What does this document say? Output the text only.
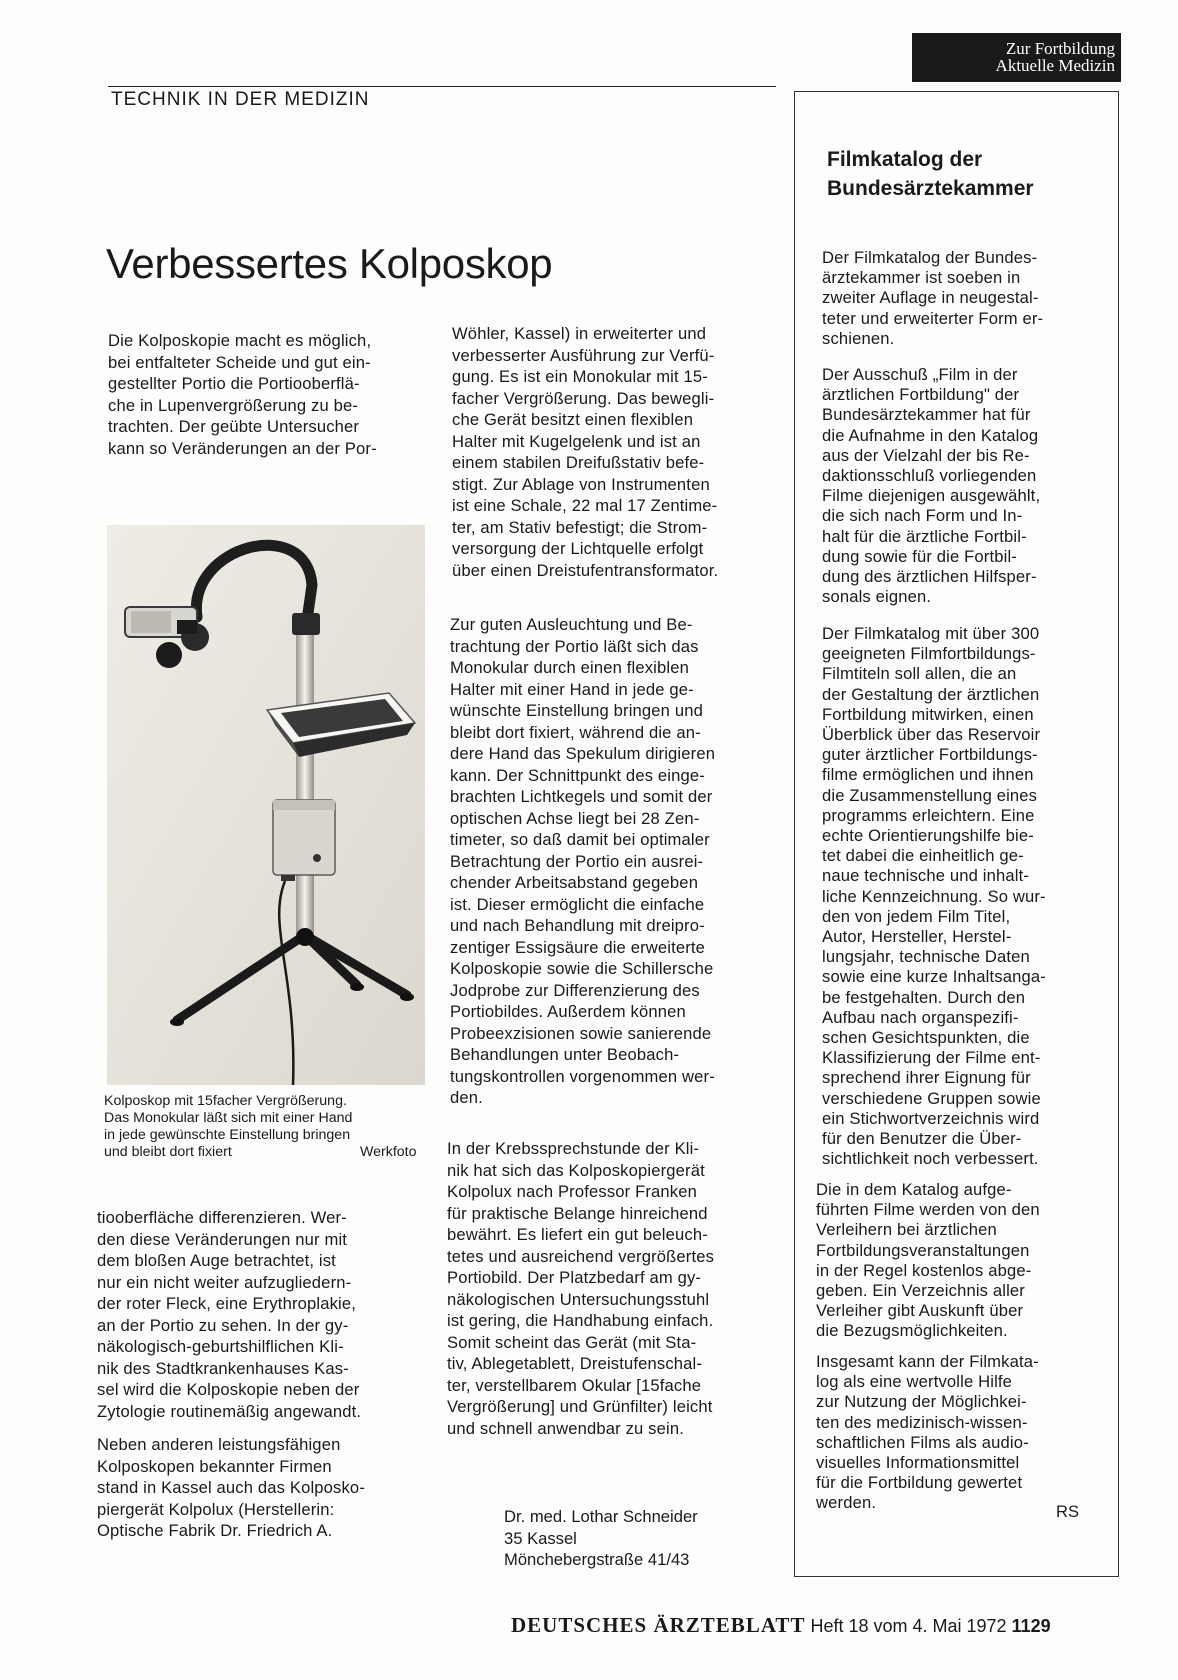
Zur Fortbildung
Aktuelle Medizin
TECHNIK IN DER MEDIZIN
Verbessertes Kolposkop

Die Kolposkopie macht es möglich,
bei entfalteter Scheide und gut ein-
gestellter Portio die Portiooberflä-
che in Lupenvergrößerung zu be-
trachten. Der geübte Untersucher
kann so Veränderungen an der Por-

Kolposkop mit 15facher Vergrößerung.
Das Monokular läßt sich mit einer Hand
in jede gewünschte Einstellung bringen
und bleibt dort fixiert	Werkfoto

tiooberfläche differenzieren. Wer-
den diese Veränderungen nur mit
dem bloßen Auge betrachtet, ist
nur ein nicht weiter aufzugliedern-
der roter Fleck, eine Erythroplakie,
an der Portio zu sehen. In der gy-
näkologisch-geburtshilflichen Kli-
nik des Stadtkrankenhauses Kas-
sel wird die Kolposkopie neben der
Zytologie routinemäßig angewandt.

Neben anderen leistungsfähigen
Kolposkopen bekannter Firmen
stand in Kassel auch das Kolposko-
piergerät Kolpolux (Herstellerin:
Optische Fabrik Dr. Friedrich A.

Wöhler, Kassel) in erweiterter und
verbesserter Ausführung zur Verfü-
gung. Es ist ein Monokular mit 15-
facher Vergrößerung. Das bewegli-
che Gerät besitzt einen flexiblen
Halter mit Kugelgelenk und ist an
einem stabilen Dreifußstativ befe-
stigt. Zur Ablage von Instrumenten
ist eine Schale, 22 mal 17 Zentime-
ter, am Stativ befestigt; die Strom-
versorgung der Lichtquelle erfolgt
über einen Dreistufentransformator.

Zur guten Ausleuchtung und Be-
trachtung der Portio läßt sich das
Monokular durch einen flexiblen
Halter mit einer Hand in jede ge-
wünschte Einstellung bringen und
bleibt dort fixiert, während die an-
dere Hand das Spekulum dirigieren
kann. Der Schnittpunkt des einge-
brachten Lichtkegels und somit der
optischen Achse liegt bei 28 Zen-
timeter, so daß damit bei optimaler
Betrachtung der Portio ein ausrei-
chender Arbeitsabstand gegeben
ist. Dieser ermöglicht die einfache
und nach Behandlung mit dreipro-
zentiger Essigsäure die erweiterte
Kolposkopie sowie die Schillersche
Jodprobe zur Differenzierung des
Portiobildes. Außerdem können
Probeexzisionen sowie sanierende
Behandlungen unter Beobach-
tungskontrollen vorgenommen wer-
den.

In der Krebssprechstunde der Kli-
nik hat sich das Kolposkopiergerät
Kolpolux nach Professor Franken
für praktische Belange hinreichend
bewährt. Es liefert ein gut beleuch-
tetes und ausreichend vergrößertes
Portiobild. Der Platzbedarf am gy-
näkologischen Untersuchungsstuhl
ist gering, die Handhabung einfach.
Somit scheint das Gerät (mit Sta-
tiv, Ablegetablett, Dreistufenschal-
ter, verstellbarem Okular [15fache
Vergrößerung] und Grünfilter) leicht
und schnell anwendbar zu sein.

Dr. med. Lothar Schneider
35 Kassel
Mönchebergstraße 41/43

Filmkatalog der
Bundesärztekammer

Der Filmkatalog der Bundes-
ärztekammer ist soeben in
zweiter Auflage in neugestal-
teter und erweiterter Form er-
schienen.

Der Ausschuß „Film in der
ärztlichen Fortbildung" der
Bundesärztekammer hat für
die Aufnahme in den Katalog
aus der Vielzahl der bis Re-
daktionsschluß vorliegenden
Filme diejenigen ausgewählt,
die sich nach Form und In-
halt für die ärztliche Fortbil-
dung sowie für die Fortbil-
dung des ärztlichen Hilfsper-
sonals eignen.

Der Filmkatalog mit über 300
geeigneten Filmfortbildungs-
Filmtiteln soll allen, die an
der Gestaltung der ärztlichen
Fortbildung mitwirken, einen
Überblick über das Reservoir
guter ärztlicher Fortbildungs-
filme ermöglichen und ihnen
die Zusammenstellung eines
programms erleichtern. Eine
echte Orientierungshilfe bie-
tet dabei die einheitlich ge-
naue technische und inhalt-
liche Kennzeichnung. So wur-
den von jedem Film Titel,
Autor, Hersteller, Herstel-
lungsjahr, technische Daten
sowie eine kurze Inhaltsanga-
be festgehalten. Durch den
Aufbau nach organspezifi-
schen Gesichtspunkten, die
Klassifizierung der Filme ent-
sprechend ihrer Eignung für
verschiedene Gruppen sowie
ein Stichwortverzeichnis wird
für den Benutzer die Über-
sichtlichkeit noch verbessert.

Die in dem Katalog aufge-
führten Filme werden von den
Verleihern bei ärztlichen
Fortbildungsveranstaltungen
in der Regel kostenlos abge-
geben. Ein Verzeichnis aller
Verleiher gibt Auskunft über
die Bezugsmöglichkeiten.

Insgesamt kann der Filmkata-
log als eine wertvolle Hilfe
zur Nutzung der Möglichkei-
ten des medizinisch-wissen-
schaftlichen Films als audio-
visuelles Informationsmittel
für die Fortbildung gewertet
werden.	RS
DEUTSCHES ÄRZTEBLATT Heft 18 vom 4. Mai 1972 1129
